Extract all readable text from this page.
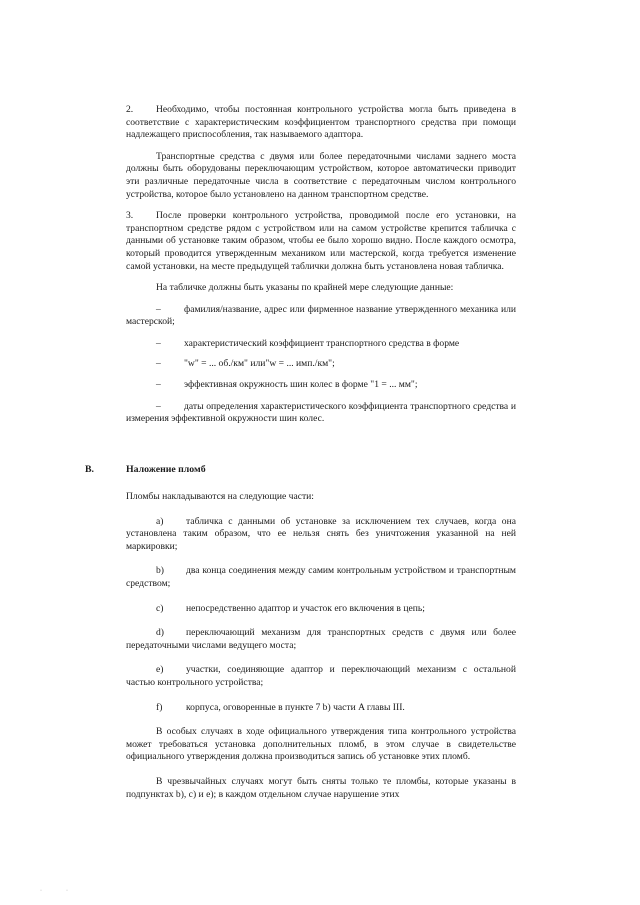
2. Необходимо, чтобы постоянная контрольного устройства могла быть приведена в соответствие с характеристическим коэффициентом транспортного средства при помощи надлежащего приспособления, так называемого адаптора.

Транспортные средства с двумя или более передаточными числами заднего моста должны быть оборудованы переключающим устройством, которое автоматически приводит эти различные передаточные числа в соответствие с передаточным числом контрольного устройства, которое было установлено на данном транспортном средстве.

3. После проверки контрольного устройства, проводимой после его установки, на транспортном средстве рядом с устройством или на самом устройстве крепится табличка с данными об установке таким образом, чтобы ее было хорошо видно. После каждого осмотра, который проводится утвержденным механиком или мастерской, когда требуется изменение самой установки, на месте предыдущей таблички должна быть установлена новая табличка.

На табличке должны быть указаны по крайней мере следующие данные:

–	фамилия/название, адрес или фирменное название утвержденного механика или мастерской;
– характеристический коэффициент транспортного средства в форме
– "w" = ... об./км" или"w = ... имп./км";
– эффективная окружность шин колес в форме "1 = ... мм";
–	даты определения характеристического коэффициента транспортного средства и измерения эффективной окружности шин колес.
B.	Наложение пломб

Пломбы накладываются на следующие части:

a) табличка с данными об установке за исключением тех случаев, когда она установлена таким образом, что ее нельзя снять без уничтожения указанной на ней маркировки;

b) два конца соединения между самим контрольным устройством и транспортным средством;

c) непосредственно адаптор и участок его включения в цепь;

d) переключающий механизм для транспортных средств с двумя или более передаточными числами ведущего моста;

e) участки, соединяющие адаптор и переключающий механизм с остальной частью контрольного устройства;

f) корпуса, оговоренные в пункте 7 b) части A главы III.

В особых случаях в ходе официального утверждения типа контрольного устройства может требоваться установка дополнительных пломб, в этом случае в свидетельстве официального утверждения должна производиться запись об установке этих пломб.

В чрезвычайных случаях могут быть сняты только те пломбы, которые указаны в подпунктах b), c) и e); в каждом отдельном случае нарушение этих

··
